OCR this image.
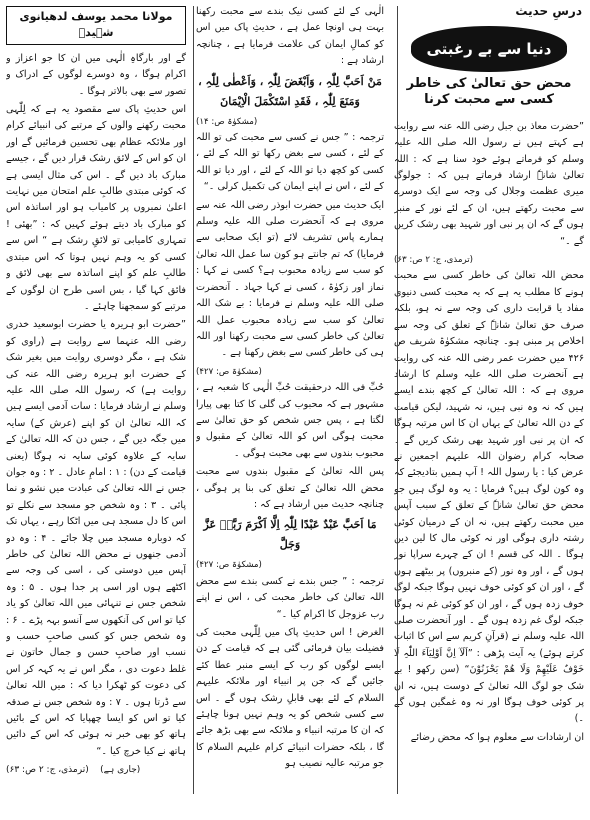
درسِ حدیث
دنیا سے بے رغبتی
محض حق تعالیٰ کی خاطر کسی سے محبت کرنا

”حضرت معاذ بن جبل رضی اللہ عنہ سے روایت ہے کہتے ہیں نے رسول اللہ صلی اللہ علیہ وسلم کو فرماتے ہوئے خود سنا ہے کہ : اللہ تعالیٰ شانہٗ ارشاد فرماتے ہیں کہ : جولوگ میری عظمت وجلال کی وجہ سے ایک دوسرے سے محبت رکھتے ہیں، ان کے لئے نور کے منبر ہوں گے کہ ان پر نبی اور شہید بھی رشک کریں گے ۔“

(ترمذی، ج: ۲ ص: ۶۳)

محض اللہ تعالیٰ کی خاطر کسی سے محبت ہونے کا مطلب یہ ہے کہ یہ محبت کسی دنیوی مفاد یا قرابت داری کی وجہ سے نہ ہو، بلکہ صرف حق تعالیٰ شانہٗ کے تعلق کی وجہ سے اخلاص پر مبنی ہو۔ چنانچہ مشکوٰۃ شریف ص ۴۲۶ میں حضرت عمر رضی اللہ عنہ کی روایت ہے آنحضرت صلی اللہ علیہ وسلم کا ارشاد مروی ہے کہ : اللہ تعالیٰ کے کچھ بندے ایسے ہیں کہ نہ وہ نبی ہیں، نہ شہید، لیکن قیامت کے دن اللہ تعالیٰ کے یہاں ان کا اس مرتبہ ہوگا کہ ان پر نبی اور شہید بھی رشک کریں گے ۔ صحابہ کرام رضوان اللہ علیہم اجمعین نے عرض کیا : یا رسول اللہ ! آپ ہمیں بتادیجئے کہ وہ کون لوگ ہیں؟ فرمایا : یہ وہ لوگ ہیں جو محض حق تعالیٰ شانہٗ کے تعلق کے سبب آپس میں محبت رکھتے ہیں، نہ ان کے درمیان کوئی رشتہ داری ہوگی اور نہ کوئی مال کا لین دین ہوگا ۔ اللہ کی قسم ! ان کے چہرے سراپا نور ہوں گے ، اور وہ نور (کے منبروں) پر بیٹھے ہوں گے ، اور ان کو کوئی خوف نہیں ہوگا جبکہ لوگ خوف زدہ ہوں گے ، اور ان کو کوئی غم نہ ہوگا جبکہ لوگ غم زدہ ہوں گے ۔ اور آنحضرت صلی اللہ علیہ وسلم نے (قرآنِ کریم سے اس کا اثبات کرتے ہوئے) یہ آیت پڑھی : ”اَلَآ اِنَّ اَوْلِیَآءَ اللّٰہِ لَا خَوْفٌ عَلَیْھِمْ وَلَا ھُمْ یَحْزَنُوْنَ“ (سن رکھو ! بے شک جو لوگ اللہ تعالیٰ کے دوست ہیں، نہ ان پر کوئی خوف ہوگا اور نہ وہ غمگین ہوں گے ۔)

ان ارشادات سے معلوم ہوا کہ محض رضائے

الٰہی کے لئے کسی نیک بندے سے محبت رکھنا بہت ہی اونچا عمل ہے ، حدیثِ پاک میں اس کو کمالِ ایمان کی علامت فرمایا ہے ، چنانچہ ارشاد ہے :

مَنْ اَحَبَّ لِلّٰہِ ، وَاَبْغَضَ لِلّٰہِ ، وَاَعْطٰی لِلّٰہِ ، وَمَنَعَ لِلّٰہِ ، فَقَدِ اسْتَکْمَلَ الْاِیْمَانَ
(مشکوٰۃ ص: ۱۴)

ترجمہ : ” جس نے کسی سے محبت کی تو اللہ کے لئے ، کسی سے بغض رکھا تو اللہ کے لئے ، کسی کو کچھ دیا تو اللہ کے لئے ، اور دیا تو اللہ کے لئے ، اس نے اپنے ایمان کی تکمیل کرلی ۔“

ایک حدیث میں حضرت ابوذر رضی اللہ عنہ سے مروی ہے کہ آنحضرت صلی اللہ علیہ وسلم ہمارے پاس تشریف لائے (تو ایک صحابی سے فرمایا) کہ تم جانتے ہو کون سا عمل اللہ تعالیٰ کو سب سے زیادہ محبوب ہے؟ کسی نے کہا : نماز اور زکوٰۃ ، کسی نے کہا جہاد ۔ آنحضرت صلی اللہ علیہ وسلم نے فرمایا : بے شک اللہ تعالیٰ کو سب سے زیادہ محبوب عمل اللہ تعالیٰ کی خاطر کسی سے محبت رکھنا اور اللہ ہی کی خاطر کسی سے بغض رکھنا ہے ۔

(مشکوٰۃ ص: ۴۲۷)

حُبِّ فی اللہ درحقیقت حُبِّ الٰہی کا شعبہ ہے ، مشہور ہے کہ محبوب کی گلی کا کتا بھی پیارا لگتا ہے ، پس جس شخص کو حق تعالیٰ سے محبت ہوگی اس کو اللہ تعالیٰ کے مقبول و محبوب بندوں سے بھی محبت ہوگی ۔

پس اللہ تعالیٰ کے مقبول بندوں سے محبت محض اللہ تعالیٰ کے تعلق کی بنا پر ہوگی ، چنانچہ حدیث میں ارشاد ہے کہ :

مَا اَحَبَّ عَبْدٌ عَبْدًا لِلّٰہِ اِلَّا اَکْرَمَ رَبَّہٗ عَزَّ وَجَلَّ
(مشکوٰۃ ص: ۴۲۷)

ترجمہ : ” جس بندے نے کسی بندے سے محض اللہ تعالیٰ کی خاطر محبت کی ، اس نے اپنے رب عزوجل کا اکرام کیا ۔“

الغرض ! اس حدیثِ پاک میں لِلّٰہی محبت کی فضیلت بیان فرمائی گئی ہے کہ قیامت کے دن ایسے لوگوں کو رب کے ایسے منبر عطا کئے جائیں گے کہ جن پر انبیاء اور ملائکہ علیہم السلام کے لئے بھی قابلِ رشک ہوں گے ۔ اس سے کسی شخص کو یہ وہم نہیں ہونا چاہئے کہ ان کا مرتبہ انبیاء و ملائکہ سے بھی بڑھ جائے گا ، بلکہ حضرات انبیائے کرام علیہم السلام کا جو مرتبہ عالیہ نصیب ہو

مولانا محمد یوسف لدھیانوی شہیدؒ

گے اور بارگاہِ الٰہی میں ان کا جو اعزاز و اکرام ہوگا ، وہ دوسرے لوگوں کے ادراک و تصور سے بھی بالاتر ہوگا ۔

اس حدیثِ پاک سے مقصود یہ ہے کہ لِلّٰہی محبت رکھنے والوں کے مرتبے کی انبیائے کرام اور ملائکہ عظام بھی تحسین فرمائیں گے اور ان کو اس کے لائق رشک قرار دیں گے ، جیسے مبارک باد دیں گے ۔ اس کی مثال ایسی ہے کہ کوئی مبتدی طالبِ علم امتحان میں نہایت اعلیٰ نمبروں پر کامیاب ہو اور اساتذہ اس کو مبارک باد دیتے ہوئے کہیں کہ : ”بھئی ! تمہاری کامیابی تو لائقِ رشک ہے “ اس سے کسی کو یہ وہم نہیں ہوتا کہ اس مبتدی طالبِ علم کو اپنے اساتذہ سے بھی لائق و فائق کہا گیا ، بس اسی طرح ان لوگوں کے مرتبے کو سمجھنا چاہئے ۔

”حضرت ابو ہریرہ یا حضرت ابوسعید خدری رضی اللہ عنہما سے روایت ہے (راوی کو شک ہے ، مگر دوسری روایت میں بغیر شک کے حضرت ابو ہریرہ رضی اللہ عنہ کی روایت ہے) کہ رسول اللہ صلی اللہ علیہ وسلم نے ارشاد فرمایا : سات آدمی ایسے ہیں کہ اللہ تعالیٰ ان کو اپنے (عرش کے) سایہ میں جگہ دیں گے ، جس دن کہ اللہ تعالیٰ کے سایہ کے علاوہ کوئی سایہ نہ ہوگا (یعنی قیامت کے دن) : ۱ : امامِ عادل ۔ ۲ : وہ جوان جس نے اللہ تعالیٰ کی عبادت میں نشو و نما پائی ۔ ۳ : وہ شخص جو مسجد سے نکلے تو اس کا دل مسجد ہی میں اٹکا رہے ، یہاں تک کہ دوبارہ مسجد میں چلا جائے ۔ ۴ : وہ دو آدمی جنھوں نے محض اللہ تعالیٰ کی خاطر آپس میں دوستی کی ، اسی کی وجہ سے اکٹھے ہوں اور اسی پر جدا ہوں ۔ ۵ : وہ شخص جس نے تنہائی میں اللہ تعالیٰ کو یاد کیا تو اس کی آنکھوں سے آنسو بہہ پڑے ۔ ۶ : وہ شخص جس کو کسی صاحبِ حسب و نسب اور صاحبِ حسن و جمال خاتون نے غلط دعوت دی ، مگر اس نے یہ کہہ کر اس کی دعوت کو ٹھکرا دیا کہ : میں اللہ تعالیٰ سے ڈرتا ہوں ۔ ۷ : وہ شخص جس نے صدقہ کیا تو اس کو ایسا چھپایا کہ اس کے بائیں ہاتھ کو بھی خبر نہ ہوئی کہ اس کے دائیں ہاتھ نے کیا خرچ کیا ۔“

(جاری ہے)    (ترمذی، ج: ۲ ص: ۶۳)
